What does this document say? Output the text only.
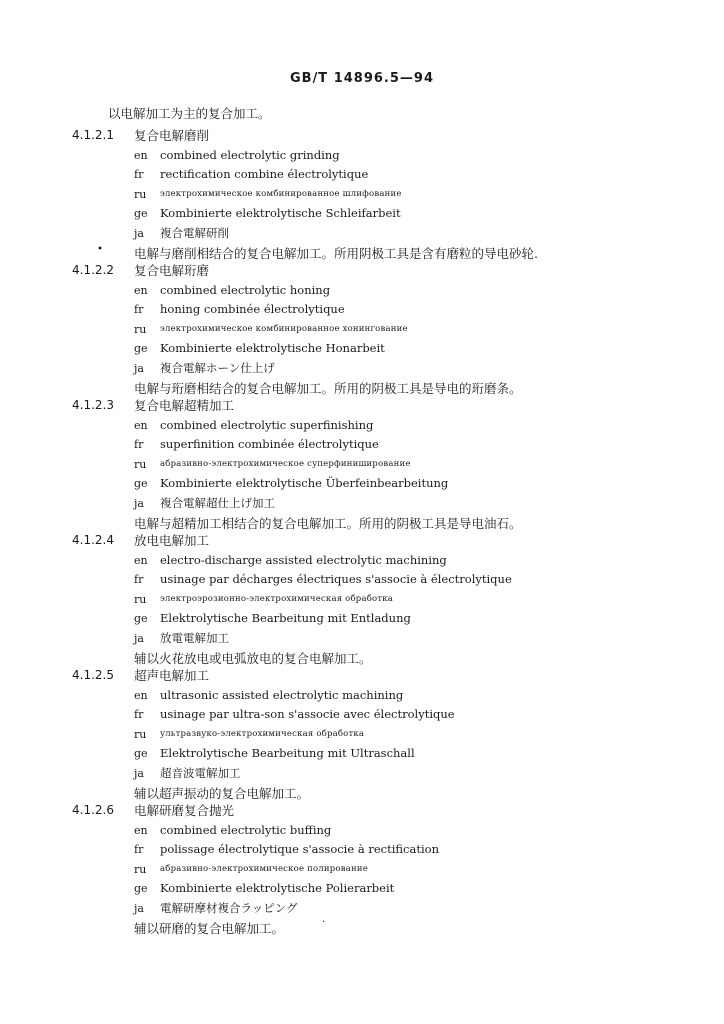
GB/T 14896.5—94
以电解加工为主的复合加工。
4.1.2.1 复合电解磨削
en	combined electrolytic grinding
fr	rectification combine électrolytique
ru	электрохимическое комбинированное шлифование
ge	Kombinierte elektrolytische Schleifarbeit
ja	複合電解研削
• 电解与磨削相结合的复合电解加工。所用阴极工具是含有磨粒的导电砂轮.
4.1.2.2 复合电解珩磨
en	combined electrolytic honing
fr	honing combinée électrolytique
ru	электрохимическое комбинированное хонингование
ge	Kombinierte elektrolytische Honarbeit
ja	複合電解ホーン仕上げ
电解与珩磨相结合的复合电解加工。所用的阴极工具是导电的珩磨条。
4.1.2.3 复合电解超精加工
en	combined electrolytic superfinishing
fr	superfinition combinée électrolytique
ru	абразивно-электрохимическое суперфиниширование
ge	Kombinierte elektrolytische Überfeinbearbeitung
ja	複合電解超仕上げ加工
电解与超精加工相结合的复合电解加工。所用的阴极工具是导电油石。
4.1.2.4 放电电解加工
en	electro-discharge assisted electrolytic machining
fr	usinage par décharges électriques s'associe à électrolytique
ru	электроэрозионно-электрохимическая обработка
ge	Elektrolytische Bearbeitung mit Entladung
ja	放電電解加工
辅以火花放电或电弧放电的复合电解加工。
4.1.2.5 超声电解加工
en	ultrasonic assisted electrolytic machining
fr	usinage par ultra-son s'associe avec électrolytique
ru	ультразвуко-электрохимическая обработка
ge	Elektrolytische Bearbeitung mit Ultraschall
ja	超音波電解加工
辅以超声振动的复合电解加工。
4.1.2.6 电解研磨复合抛光
en	combined electrolytic buffing
fr	polissage électrolytique s'associe à rectification
ru	абразивно-электрохимическое полирование
ge	Kombinierte elektrolytische Polierarbeit
ja	電解研摩材複合ラッピング
·
辅以研磨的复合电解加工。
